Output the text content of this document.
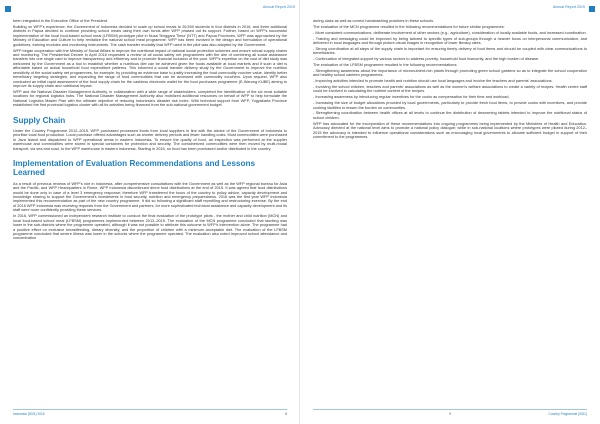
Annual Report 2019

been integrated in the Executive Office of the President.

Building on WFP's experience, the Government of Indonesia decided to scale up school meals to 26,500 students in four districts in 2016, and three additional districts in Papua decided to continue providing school meals using their own funds after WFP phased out its support. Further, based on WFP's successful implementation of the local food-based school meal (LFBSM) prototype pilot in Nusa Tenggara Timur (NTT) and Papua Provinces, WFP was approached by the Ministry of Education and Culture to help revitalize the national school meal programme. WFP has been involved in the design and formulation of operational guidelines, training modules and monitoring instruments. The cash transfer modality that WFP used in the pilot was also adopted by the Government.

WFP began cooperation with the Ministry of Social Affairs to improve the nutritional impact of national social protection schemes and ensure robust supply chains and monitoring. The Presidential Decree in April 2016 requested a review of all social safety net programmes with the aim of combining all social assistance transfers into one single card to improve transparency and efficiency and to promote financial inclusion of the poor. WFP's expertise on the cost of diet study was welcomed by the Government as a tool to establish whether a nutritious diet can be achieved given the foods available at local markets and if such a diet is affordable based on actual household food expenditure patterns. This informed a social transfer delivery study by the Government to improve the nutrition sensitivity of the social safety net programmes, for example, by providing an evidence base to justify increasing the food commodity voucher value, identify better beneficiary targeting strategies, and expanding the range of food commodities that can be accessed with commodity vouchers. Upon request, WFP also conducted an initial rapid assessment of the food supply chain for the cashless electronic wallet for the food purchases programme (E-Warung KUBE) aiming to improve its supply chain and nutritional impact.

WFP and the National Disaster Management Authority, in collaboration with a wide range of stakeholders, completed the identification of the six most suitable locations for regional logistics hubs. The National Disaster Management Authority also mobilized additional resources on behalf of WFP to help formulate the National Logistics Master Plan with the ultimate objective of reducing Indonesia's disaster risk index. With technical support from WFP, Yogyakarta Province established the first provincial logistics cluster with all its activities being financed from the sub-national government budget.

Supply Chain

Under the Country Programme 2012–2015, WFP purchased processed foods from local suppliers in line with the advice of the Government of Indonesia to prioritise local food production. Local purchase offered advantages such as shorter delivery periods and fewer handling costs. Most commodities were purchased in Java Island and dispatched to WFP operational areas in eastern Indonesia. To ensure the quality of food, an inspection was performed at the supplier warehouse and commodities were stored in special containers for protection and security. The containerized commodities were then moved by multi-modal transport, via sea and road, to the WFP warehouse in eastern Indonesia. Starting in 2016, no food has been purchased and/or distributed in the country.

Implementation of Evaluation Recommendations and Lessons Learned

As a result of previous reviews of WFP's role in Indonesia, after comprehensive consultations with the Government as well as the WFP regional bureau for Asia and the Pacific, and WFP Headquarters in Rome, WFP Indonesia discontinued direct food distributions at the end of 2015. It was agreed that food distributions would be done only in case of a level 3 emergency response; therefore WFP transferred the focus of the country to policy advice, capacity development and knowledge sharing to support the Government's investments in food security, nutrition and emergency preparedness. 2016 was the first year WFP Indonesia implemented this recommendation as part of the new country programme. It did so following a significant staff reprofiling and restructuring exercise. By the end of 2016 WFP Indonesia was receiving requests from the Government and partners, for more sophisticated technical assistance and capacity development and its staff were more confidently providing these services.

In 2016, WFP commissioned an independent research institute to conduct the final evaluation of the prototype pilots - the mother and child nutrition (MCN) and local food-based school meal (LFBSM) programmes implemented between 2012–2015. The evaluation of the MCN programme concluded that stunting was lower in the sub-districts where the programme operated, although it was not possible to attribute this outcome to WFP's intervention alone. The programme had a positive effect on exclusive breastfeeding, dietary diversity, and the proportion of children with a minimum acceptable diet. The evaluation of the LFBSM programme concluded that severe illness was lower in the schools where the programme operated. The evaluation also noted improved school attendance and concentration

Indonesia (ID01) 2016	8
Annual Report 2019

during class as well as correct handwashing practices in these schools.

The evaluation of the MCN programme resulted in the following recommendations for future similar programmes:

- More consistent communications, deliberate involvement of other sectors (e.g., agriculture), consideration of locally available foods, and increased coordination.

- Training and messaging could be improved by being tailored to specific types of sub-groups through a heavier focus on interpersonal communication, and delivered in local languages and through picture-visual images in recognition of lower literacy rates.

- Strong coordination at all steps of the supply chain is important for ensuring timely delivery of food items and should be coupled with clear communications to beneficiaries.

- Continuation of integrated support by various sectors to address poverty, household food insecurity, and the high burden of disease.

The evaluation of the LFBSM programme resulted in the following recommendations:

- Strengthening awareness about the importance of micronutrient-rich plants through promoting green school gardens so as to integrate the school cooperation and healthy school canteen programmes.

- Improving activities intended to promote health and nutrition should use local languages and involve the teachers and parents' associations.

- Involving the school children, teachers and parents' associations as well as the women's welfare associations to create a variety of recipes. Health centre staff could be involved in calculating the nutrient content of the recipes.

- Increasing awareness by introducing regular incentives for the cooks as compensation for their time and workload.

- Increasing the size of budget allocations provided by local governments, particularly to provide fresh food items, to provide cooks with incentives, and provide cooking facilities to lessen the burden on communities.

- Strengthening coordination between health offices at all levels to continue the distribution of deworming tablets intended to improve the nutritional status of school children.

WFP has advocated for the incorporation of these recommendations into ongoing programmes being implemented by the Ministries of Health and Education. Advocacy directed at the national level aims to promote a national policy dialogue; while in sub-national locations where prototypes were piloted during 2012–2015 the advocacy is intended to influence operational considerations such as encouraging local governments to allocate sufficient budget in support of their commitment to the programmes.

9	Country Programme (ID01)
